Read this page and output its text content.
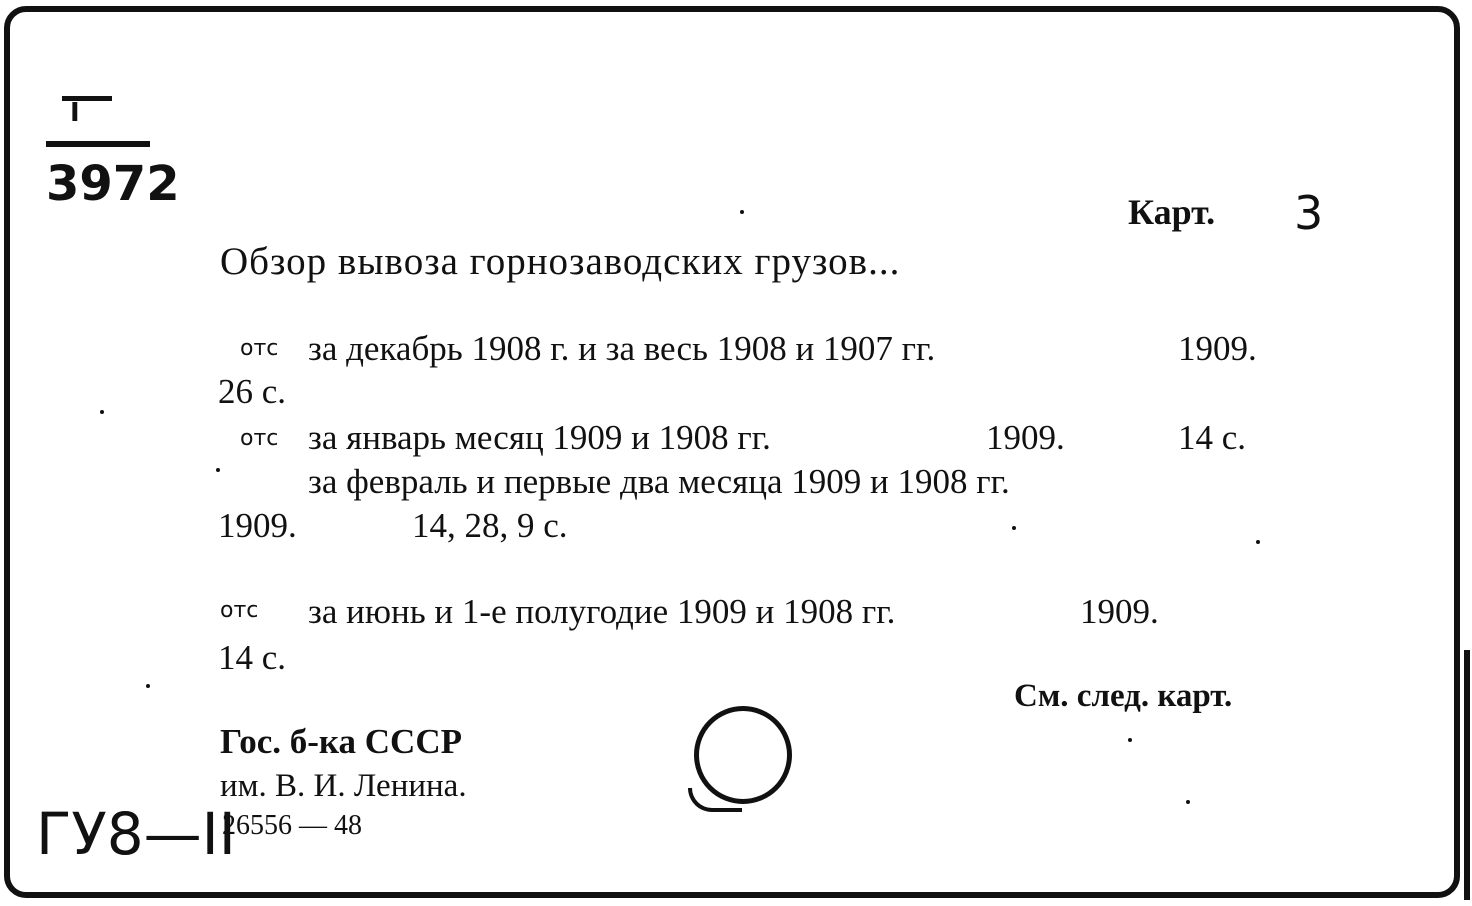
I
3972	Карт. 3
Обзор вывоза горнозаводских грузов...
отс за декабрь 1908 г. и за весь 1908 и 1907 гг.	1909.
26 с.
отс за январь месяц 1909 и 1908 гг.	1909.	14 с.
за февраль и первые два месяца 1909 и 1908 гг.
1909.	14, 28, 9 с.
отс за июнь и 1-е полугодие 1909 и 1908 гг.	1909.
14 с.
См. след. карт.
Гос. б-ка СССР
им. В. И. Ленина.
26556 — 48
ГУ8—II
